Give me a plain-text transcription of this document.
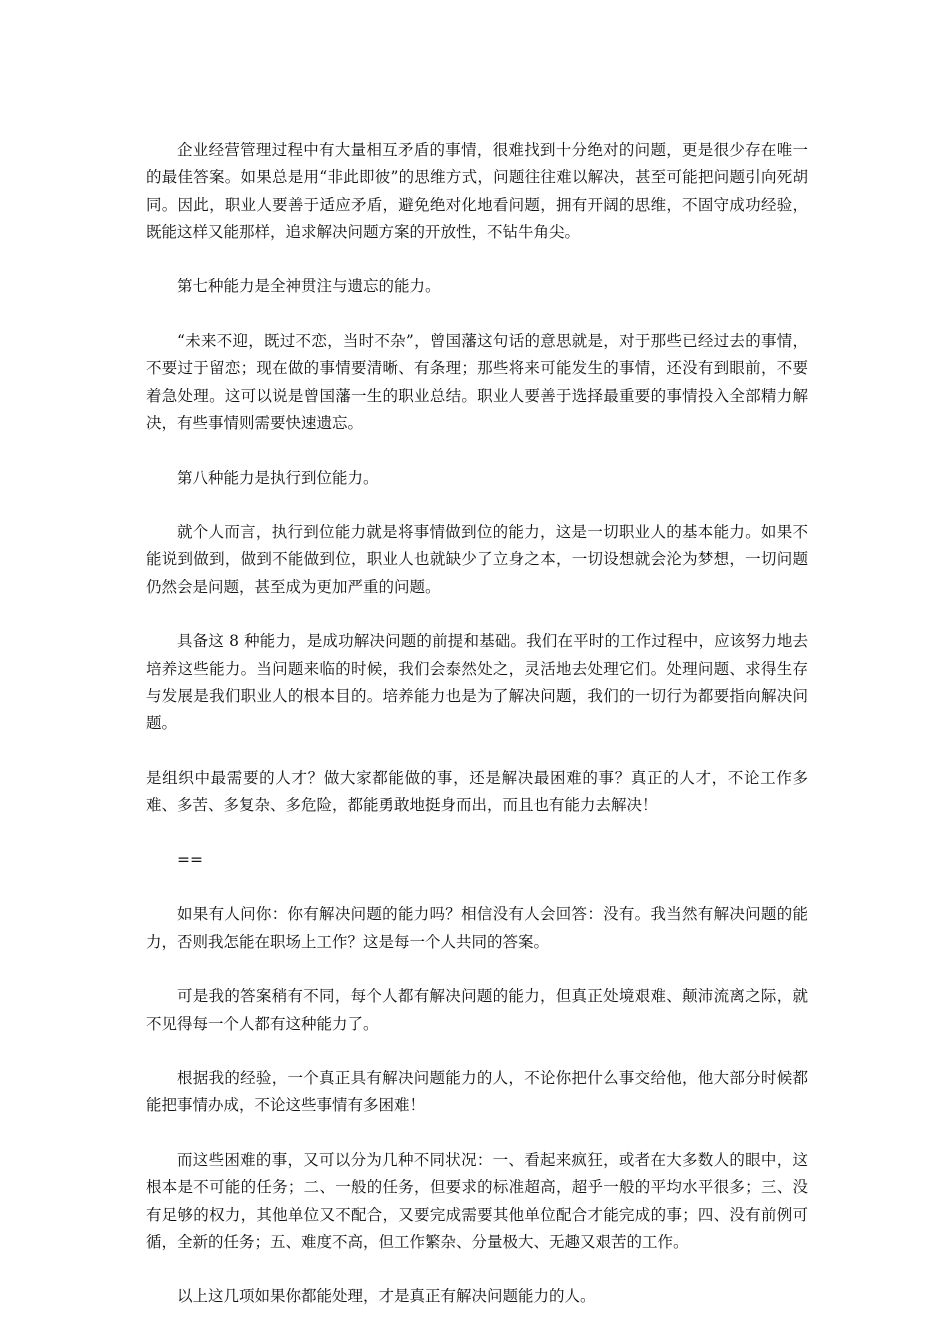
企业经营管理过程中有大量相互矛盾的事情，很难找到十分绝对的问题，更是很少存在唯一的最佳答案。如果总是用“非此即彼”的思维方式，问题往往难以解决，甚至可能把问题引向死胡同。因此，职业人要善于适应矛盾，避免绝对化地看问题，拥有开阔的思维，不固守成功经验，既能这样又能那样，追求解决问题方案的开放性，不钻牛角尖。

第七种能力是全神贯注与遗忘的能力。

“未来不迎，既过不恋，当时不杂”，曾国藩这句话的意思就是，对于那些已经过去的事情，不要过于留恋；现在做的事情要清晰、有条理；那些将来可能发生的事情，还没有到眼前，不要着急处理。这可以说是曾国藩一生的职业总结。职业人要善于选择最重要的事情投入全部精力解决，有些事情则需要快速遗忘。

第八种能力是执行到位能力。

就个人而言，执行到位能力就是将事情做到位的能力，这是一切职业人的基本能力。如果不能说到做到，做到不能做到位，职业人也就缺少了立身之本，一切设想就会沦为梦想，一切问题仍然会是问题，甚至成为更加严重的问题。

具备这 8 种能力，是成功解决问题的前提和基础。我们在平时的工作过程中，应该努力地去培养这些能力。当问题来临的时候，我们会泰然处之，灵活地去处理它们。处理问题、求得生存与发展是我们职业人的根本目的。培养能力也是为了解决问题，我们的一切行为都要指向解决问题。

是组织中最需要的人才？做大家都能做的事，还是解决最困难的事？真正的人才，不论工作多难、多苦、多复杂、多危险，都能勇敢地挺身而出，而且也有能力去解决！

==

如果有人问你：你有解决问题的能力吗？相信没有人会回答：没有。我当然有解决问题的能力，否则我怎能在职场上工作？这是每一个人共同的答案。

可是我的答案稍有不同，每个人都有解决问题的能力，但真正处境艰难、颠沛流离之际，就不见得每一个人都有这种能力了。

根据我的经验，一个真正具有解决问题能力的人，不论你把什么事交给他，他大部分时候都能把事情办成，不论这些事情有多困难！

而这些困难的事，又可以分为几种不同状况：一、看起来疯狂，或者在大多数人的眼中，这根本是不可能的任务；二、一般的任务，但要求的标准超高，超乎一般的平均水平很多；三、没有足够的权力，其他单位又不配合，又要完成需要其他单位配合才能完成的事；四、没有前例可循，全新的任务；五、难度不高，但工作繁杂、分量极大、无趣又艰苦的工作。

以上这几项如果你都能处理，才是真正有解决问题能力的人。
